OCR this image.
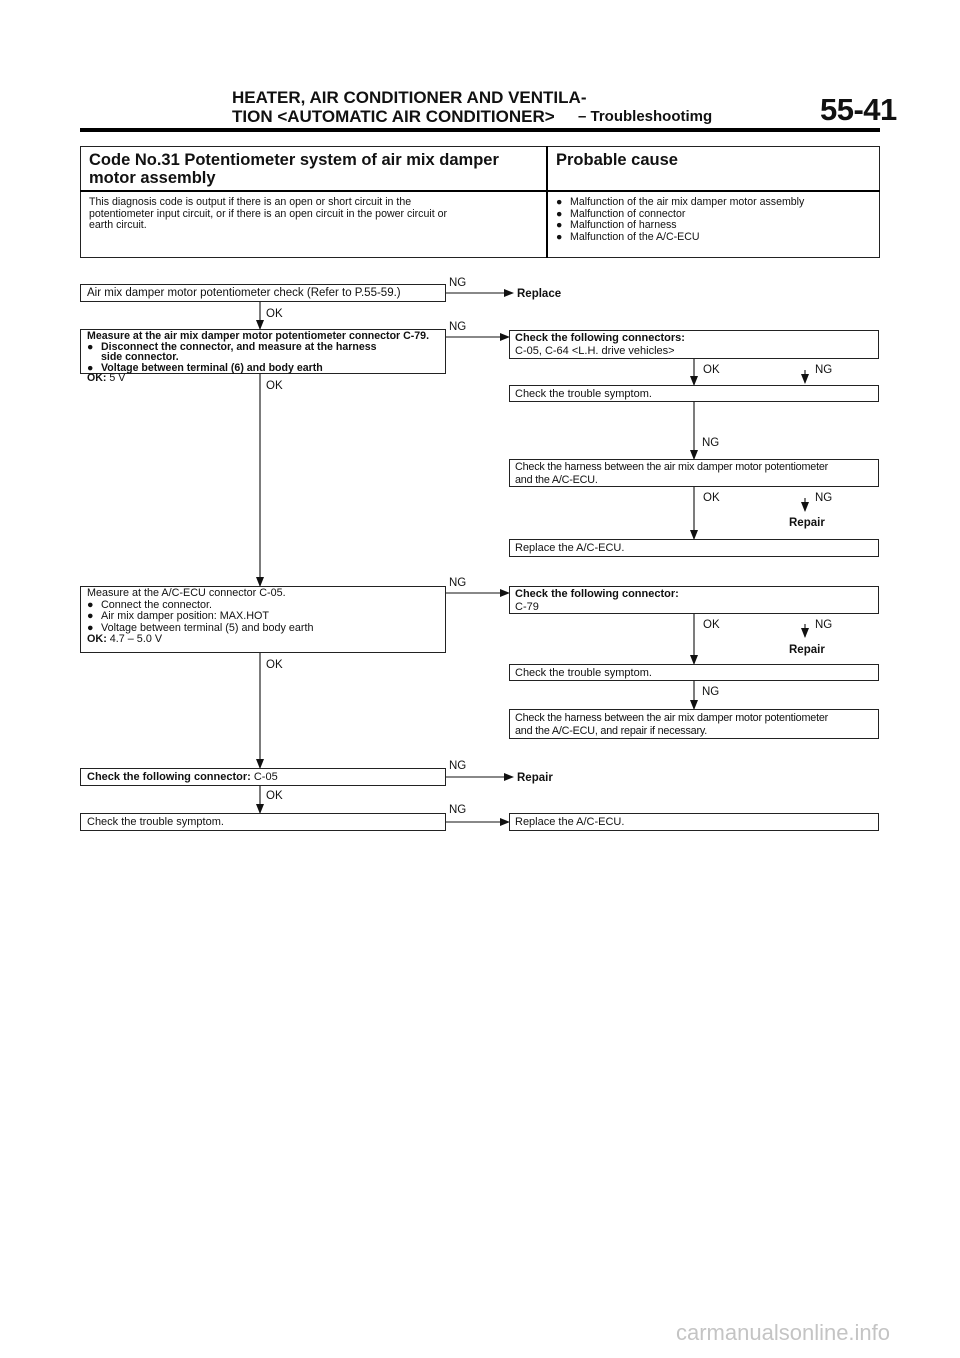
HEATER, AIR CONDITIONER AND VENTILA-
TION <AUTOMATIC AIR CONDITIONER> – Troubleshootimg	55-41
Code No.31 Potentiometer system of air mix damper
motor assembly
Probable cause
This diagnosis code is output if there is an open or short circuit in the
potentiometer input circuit, or if there is an open circuit in the power circuit or
earth circuit.
● Malfunction of the air mix damper motor assembly
● Malfunction of connector
● Malfunction of harness
● Malfunction of the A/C-ECU
Air mix damper motor potentiometer check (Refer to P.55-59.)
NG
Replace
OK
Measure at the air mix damper motor potentiometer connector C-79.
● Disconnect the connector, and measure at the harness
side connector.
● Voltage between terminal (6) and body earth
OK: 5 V
NG
OK
Check the following connectors:
C-05, C-64 <L.H. drive vehicles>
OK	NG
Check the trouble symptom.
NG
Check the harness between the air mix damper motor potentiometer
and the A/C-ECU.
OK	NG
Repair
Replace the A/C-ECU.
Measure at the A/C-ECU connector C-05.
● Connect the connector.
● Air mix damper position: MAX.HOT
● Voltage between terminal (5) and body earth
OK: 4.7 – 5.0 V
NG
OK
Check the following connector:
C-79
OK	NG
Repair
Check the trouble symptom.
NG
Check the harness between the air mix damper motor potentiometer
and the A/C-ECU, and repair if necessary.
Check the following connector: C-05
NG
Repair
OK
Check the trouble symptom.
NG
Replace the A/C-ECU.
carmanualsonline.info
